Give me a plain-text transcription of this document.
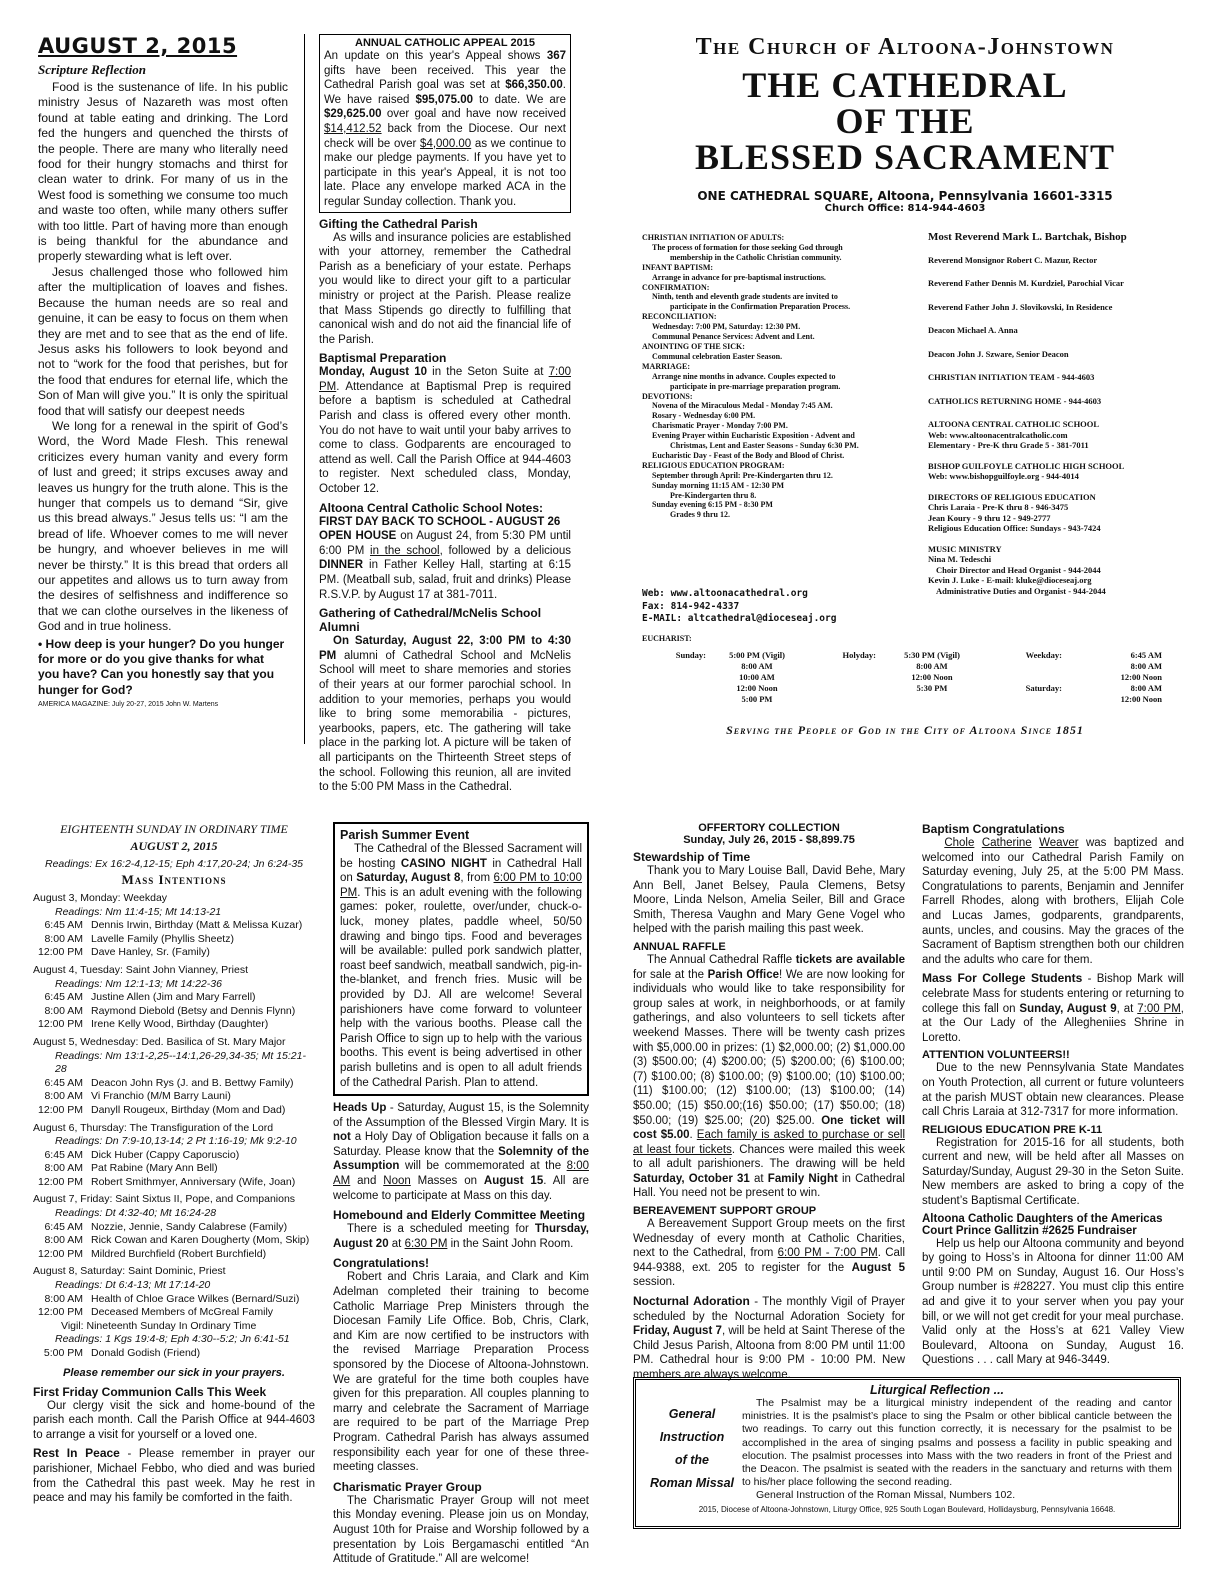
AUGUST 2, 2015
Scripture Reflection

Food is the sustenance of life. In his public ministry Jesus of Nazareth was most often found at table eating and drinking. The Lord fed the hungers and quenched the thirsts of the people. There are many who literally need food for their hungry stomachs and thirst for clean water to drink. For many of us in the West food is something we consume too much and waste too often, while many others suffer with too little. Part of having more than enough is being thankful for the abundance and properly stewarding what is left over.

Jesus challenged those who followed him after the multiplication of loaves and fishes. Because the human needs are so real and genuine, it can be easy to focus on them when they are met and to see that as the end of life. Jesus asks his followers to look beyond and not to “work for the food that perishes, but for the food that endures for eternal life, which the Son of Man will give you.” It is only the spiritual food that will satisfy our deepest needs

We long for a renewal in the spirit of God’s Word, the Word Made Flesh. This renewal criticizes every human vanity and every form of lust and greed; it strips excuses away and leaves us hungry for the truth alone. This is the hunger that compels us to demand “Sir, give us this bread always.” Jesus tells us: “I am the bread of life. Whoever comes to me will never be hungry, and whoever believes in me will never be thirsty.” It is this bread that orders all our appetites and allows us to turn away from the desires of selfishness and indifference so that we can clothe ourselves in the likeness of God and in true holiness.

• How deep is your hunger? Do you hunger for more or do you give thanks for what you have? Can you honestly say that you hunger for God?

AMERICA MAGAZINE: July 20-27, 2015 John W. Martens

ANNUAL CATHOLIC APPEAL 2015

An update on this year's Appeal shows 367 gifts have been received. This year the Cathedral Parish goal was set at $66,350.00. We have raised $95,075.00 to date. We are $29,625.00 over goal and have now received $14,412.52 back from the Diocese. Our next check will be over $4,000.00 as we continue to make our pledge payments. If you have yet to participate in this year's Appeal, it is not too late. Place any envelope marked ACA in the regular Sunday collection. Thank you.

Gifting the Cathedral Parish

As wills and insurance policies are established with your attorney, remember the Cathedral Parish as a beneficiary of your estate. Perhaps you would like to direct your gift to a particular ministry or project at the Parish. Please realize that Mass Stipends go directly to fulfilling that canonical wish and do not aid the financial life of the Parish.

Baptismal Preparation

Monday, August 10 in the Seton Suite at 7:00 PM. Attendance at Baptismal Prep is required before a baptism is scheduled at Cathedral Parish and class is offered every other month. You do not have to wait until your baby arrives to come to class. Godparents are encouraged to attend as well. Call the Parish Office at 944-4603 to register. Next scheduled class, Monday, October 12.

Altoona Central Catholic School Notes:

FIRST DAY BACK TO SCHOOL - AUGUST 26
OPEN HOUSE on August 24, from 5:30 PM until 6:00 PM in the school, followed by a delicious DINNER in Father Kelley Hall, starting at 6:15 PM. (Meatball sub, salad, fruit and drinks) Please R.S.V.P. by August 17 at 381-7011.

Gathering of Cathedral/McNelis School Alumni

On Saturday, August 22, 3:00 PM to 4:30 PM alumni of Cathedral School and McNelis School will meet to share memories and stories of their years at our former parochial school. In addition to your memories, perhaps you would like to bring some memorabilia - pictures, yearbooks, papers, etc. The gathering will take place in the parking lot. A picture will be taken of all participants on the Thirteenth Street steps of the school. Following this reunion, all are invited to the 5:00 PM Mass in the Cathedral.

The Church of Altoona-Johnstown
THE CATHEDRAL
OF THE
BLESSED SACRAMENT
ONE CATHEDRAL SQUARE, Altoona, Pennsylvania 16601-3315
Church Office: 814-944-4603
CHRISTIAN INITIATION OF ADULTS:
The process of formation for those seeking God through
membership in the Catholic Christian community.
INFANT BAPTISM:
Arrange in advance for pre-baptismal instructions.
CONFIRMATION:
Ninth, tenth and eleventh grade students are invited to
participate in the Confirmation Preparation Process.
RECONCILIATION:
Wednesday: 7:00 PM, Saturday: 12:30 PM.
Communal Penance Services: Advent and Lent.
ANOINTING OF THE SICK:
Communal celebration Easter Season.
MARRIAGE:
Arrange nine months in advance. Couples expected to
participate in pre-marriage preparation program.
DEVOTIONS:
Novena of the Miraculous Medal - Monday 7:45 AM.
Rosary - Wednesday 6:00 PM.
Charismatic Prayer - Monday 7:00 PM.
Evening Prayer within Eucharistic Exposition - Advent and
Christmas, Lent and Easter Seasons - Sunday 6:30 PM.
Eucharistic Day - Feast of the Body and Blood of Christ.
RELIGIOUS EDUCATION PROGRAM:
September through April: Pre-Kindergarten thru 12.
Sunday morning 11:15 AM - 12:30 PM
Pre-Kindergarten thru 8.
Sunday evening 6:15 PM - 8:30 PM
Grades 9 thru 12.
Web: www.altoonacathedral.org
Fax: 814-942-4337
E-MAIL: altcathedral@dioceseaj.org
Most Reverend Mark L. Bartchak, Bishop
Reverend Monsignor Robert C. Mazur, Rector
Reverend Father Dennis M. Kurdziel, Parochial Vicar
Reverend Father John J. Slovikovski, In Residence
Deacon Michael A. Anna
Deacon John J. Szware, Senior Deacon
CHRISTIAN INITIATION TEAM - 944-4603
CATHOLICS RETURNING HOME - 944-4603
ALTOONA CENTRAL CATHOLIC SCHOOL
Web: www.altoonacentralcatholic.com
Elementary - Pre-K thru Grade 5 - 381-7011
BISHOP GUILFOYLE CATHOLIC HIGH SCHOOL
Web: www.bishopguilfoyle.org - 944-4014
DIRECTORS OF RELIGIOUS EDUCATION
Chris Laraia - Pre-K thru 8 - 946-3475
Jean Koury - 9 thru 12 - 949-2777
Religious Education Office: Sundays - 943-7424
MUSIC MINISTRY
Nina M. Tedeschi
Choir Director and Head Organist - 944-2044
Kevin J. Luke - E-mail: kluke@dioceseaj.org
Administrative Duties and Organist - 944-2044
EUCHARIST:
Sunday:	5:00 PM (Vigil)
8:00 AM
10:00 AM
12:00 Noon
5:00 PM
Holyday:	5:30 PM (Vigil)
8:00 AM
12:00 Noon
5:30 PM
Weekday:

Saturday:
6:45 AM
8:00 AM
12:00 Noon
8:00 AM
12:00 Noon
Serving the People of God in the City of Altoona Since 1851
EIGHTEENTH SUNDAY IN ORDINARY TIME
AUGUST 2, 2015
Readings: Ex 16:2-4,12-15; Eph 4:17,20-24; Jn 6:24-35
Mass Intentions
August 3, Monday: Weekday
Readings: Nm 11:4-15; Mt 14:13-21
6:45 AM Dennis Irwin, Birthday (Matt & Melissa Kuzar)
8:00 AM Lavelle Family (Phyllis Sheetz)
12:00 PM Dave Hanley, Sr. (Family)
August 4, Tuesday: Saint John Vianney, Priest
Readings: Nm 12:1-13; Mt 14:22-36
6:45 AM Justine Allen (Jim and Mary Farrell)
8:00 AM Raymond Diebold (Betsy and Dennis Flynn)
12:00 PM Irene Kelly Wood, Birthday (Daughter)
August 5, Wednesday: Ded. Basilica of St. Mary Major
Readings: Nm 13:1-2,25--14:1,26-29,34-35; Mt 15:21-28
6:45 AM Deacon John Rys (J. and B. Bettwy Family)
8:00 AM Vi Franchio (M/M Barry Launi)
12:00 PM Danyll Rougeux, Birthday (Mom and Dad)
August 6, Thursday: The Transfiguration of the Lord
Readings: Dn 7:9-10,13-14; 2 Pt 1:16-19; Mk 9:2-10
6:45 AM Dick Huber (Cappy Caporuscio)
8:00 AM Pat Rabine (Mary Ann Bell)
12:00 PM Robert Smithmyer, Anniversary (Wife, Joan)
August 7, Friday: Saint Sixtus II, Pope, and Companions
Readings: Dt 4:32-40; Mt 16:24-28
6:45 AM Nozzie, Jennie, Sandy Calabrese (Family)
8:00 AM Rick Cowan and Karen Dougherty (Mom, Skip)
12:00 PM Mildred Burchfield (Robert Burchfield)
August 8, Saturday: Saint Dominic, Priest
Readings: Dt 6:4-13; Mt 17:14-20
8:00 AM Health of Chloe Grace Wilkes (Bernard/Suzi)
12:00 PM Deceased Members of McGreal Family
Vigil: Nineteenth Sunday In Ordinary Time
Readings: 1 Kgs 19:4-8; Eph 4:30--5:2; Jn 6:41-51
5:00 PM Donald Godish (Friend)
Please remember our sick in your prayers.
First Friday Communion Calls This Week

Our clergy visit the sick and home-bound of the parish each month. Call the Parish Office at 944-4603 to arrange a visit for yourself or a loved one.

Rest In Peace - Please remember in prayer our parishioner, Michael Febbo, who died and was buried from the Cathedral this past week. May he rest in peace and may his family be comforted in the faith.

Parish Summer Event

The Cathedral of the Blessed Sacrament will be hosting CASINO NIGHT in Cathedral Hall on Saturday, August 8, from 6:00 PM to 10:00 PM. This is an adult evening with the following games: poker, roulette, over/under, chuck-o-luck, money plates, paddle wheel, 50/50 drawing and bingo tips. Food and beverages will be available: pulled pork sandwich platter, roast beef sandwich, meatball sandwich, pig-in-the-blanket, and french fries. Music will be provided by DJ. All are welcome! Several parishioners have come forward to volunteer help with the various booths. Please call the Parish Office to sign up to help with the various booths. This event is being advertised in other parish bulletins and is open to all adult friends of the Cathedral Parish. Plan to attend.

Heads Up - Saturday, August 15, is the Solemnity of the Assumption of the Blessed Virgin Mary. It is not a Holy Day of Obligation because it falls on a Saturday. Please know that the Solemnity of the Assumption will be commemorated at the 8:00 AM and Noon Masses on August 15. All are welcome to participate at Mass on this day.

Homebound and Elderly Committee Meeting

There is a scheduled meeting for Thursday, August 20 at 6:30 PM in the Saint John Room.

Congratulations!

Robert and Chris Laraia, and Clark and Kim Adelman completed their training to become Catholic Marriage Prep Ministers through the Diocesan Family Life Office. Bob, Chris, Clark, and Kim are now certified to be instructors with the revised Marriage Preparation Process sponsored by the Diocese of Altoona-Johnstown. We are grateful for the time both couples have given for this preparation. All couples planning to marry and celebrate the Sacrament of Marriage are required to be part of the Marriage Prep Program. Cathedral Parish has always assumed responsibility each year for one of these three-meeting classes.

Charismatic Prayer Group

The Charismatic Prayer Group will not meet this Monday evening. Please join us on Monday, August 10th for Praise and Worship followed by a presentation by Lois Bergamaschi entitled “An Attitude of Gratitude.” All are welcome!

OFFERTORY COLLECTION
Sunday, July 26, 2015 - $8,899.75
Stewardship of Time

Thank you to Mary Louise Ball, David Behe, Mary Ann Bell, Janet Belsey, Paula Clemens, Betsy Moore, Linda Nelson, Amelia Seiler, Bill and Grace Smith, Theresa Vaughn and Mary Gene Vogel who helped with the parish mailing this past week.

ANNUAL RAFFLE

The Annual Cathedral Raffle tickets are available for sale at the Parish Office! We are now looking for individuals who would like to take responsibility for group sales at work, in neighborhoods, or at family gatherings, and also volunteers to sell tickets after weekend Masses. There will be twenty cash prizes with $5,000.00 in prizes: (1) $2,000.00; (2) $1,000.00 (3) $500.00; (4) $200.00; (5) $200.00; (6) $100.00; (7) $100.00; (8) $100.00; (9) $100.00; (10) $100.00; (11) $100.00; (12) $100.00; (13) $100.00; (14) $50.00; (15) $50.00;(16) $50.00; (17) $50.00; (18) $50.00; (19) $25.00; (20) $25.00. One ticket will cost $5.00. Each family is asked to purchase or sell at least four tickets. Chances were mailed this week to all adult parishioners. The drawing will be held Saturday, October 31 at Family Night in Cathedral Hall. You need not be present to win.

BEREAVEMENT SUPPORT GROUP

A Bereavement Support Group meets on the first Wednesday of every month at Catholic Charities, next to the Cathedral, from 6:00 PM - 7:00 PM. Call 944-9388, ext. 205 to register for the August 5 session.

Nocturnal Adoration - The monthly Vigil of Prayer scheduled by the Nocturnal Adoration Society for Friday, August 7, will be held at Saint Therese of the Child Jesus Parish, Altoona from 8:00 PM until 11:00 PM. Cathedral hour is 9:00 PM - 10:00 PM. New members are always welcome.

Baptism Congratulations

Chole Catherine Weaver was baptized and welcomed into our Cathedral Parish Family on Saturday evening, July 25, at the 5:00 PM Mass. Congratulations to parents, Benjamin and Jennifer Farrell Rhodes, along with brothers, Elijah Cole and Lucas James, godparents, grandparents, aunts, uncles, and cousins. May the graces of the Sacrament of Baptism strengthen both our children and the adults who care for them.

Mass For College Students - Bishop Mark will celebrate Mass for students entering or returning to college this fall on Sunday, August 9, at 7:00 PM, at the Our Lady of the Allegheniies Shrine in Loretto.

ATTENTION VOLUNTEERS!!

Due to the new Pennsylvania State Mandates on Youth Protection, all current or future volunteers at the parish MUST obtain new clearances. Please call Chris Laraia at 312-7317 for more information.

RELIGIOUS EDUCATION PRE K-11

Registration for 2015-16 for all students, both current and new, will be held after all Masses on Saturday/Sunday, August 29-30 in the Seton Suite. New members are asked to bring a copy of the student’s Baptismal Certificate.

Altoona Catholic Daughters of the Americas
Court Prince Gallitzin #2625 Fundraiser

Help us help our Altoona community and beyond by going to Hoss’s in Altoona for dinner 11:00 AM until 9:00 PM on Sunday, August 16. Our Hoss’s Group number is #28227. You must clip this entire ad and give it to your server when you pay your bill, or we will not get credit for your meal purchase. Valid only at the Hoss’s at 621 Valley View Boulevard, Altoona on Sunday, August 16. Questions . . . call Mary at 946-3449.

Liturgical Reflection ...
General
Instruction
of the
Roman Missal

The Psalmist may be a liturgical ministry independent of the reading and cantor ministries. It is the psalmist’s place to sing the Psalm or other biblical canticle between the two readings. To carry out this function correctly, it is necessary for the psalmist to be accomplished in the area of singing psalms and possess a facility in public speaking and elocution. The psalmist processes into Mass with the two readers in front of the Priest and the Deacon. The psalmist is seated with the readers in the sanctuary and returns with them to his/her place following the second reading.

General Instruction of the Roman Missal, Numbers 102.

2015, Diocese of Altoona-Johnstown, Liturgy Office, 925 South Logan Boulevard, Hollidaysburg, Pennsylvania 16648.
